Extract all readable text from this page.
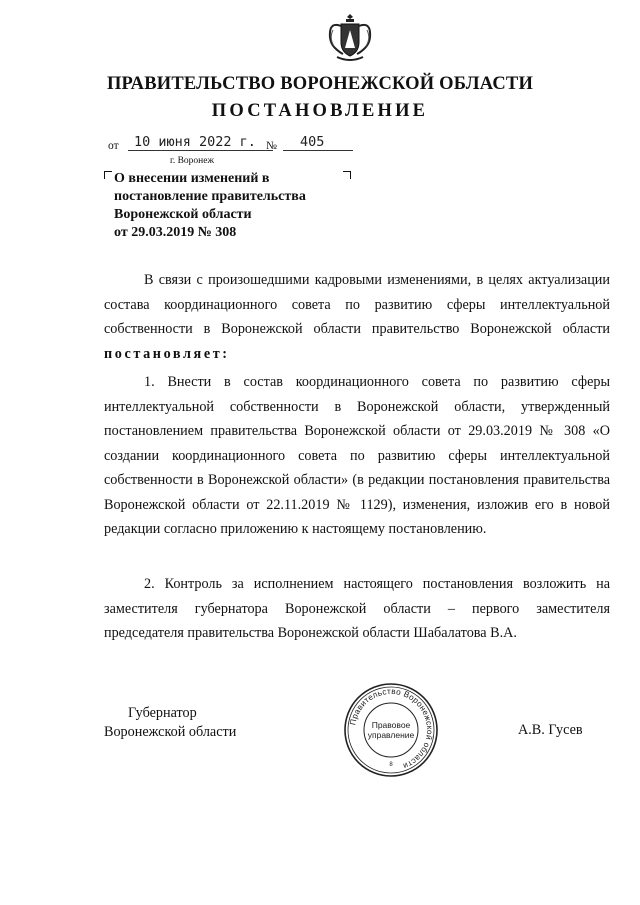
ПРАВИТЕЛЬСТВО ВОРОНЕЖСКОЙ ОБЛАСТИ
ПОСТАНОВЛЕНИЕ
от 10 июня 2022 г. № 405
г. Воронеж
О внесении изменений в
постановление правительства
Воронежской области
от 29.03.2019 № 308
В связи с произошедшими кадровыми изменениями, в целях актуализации состава координационного совета по развитию сферы интеллектуальной собственности в Воронежской области правительство Воронежской области постановляет:
1. Внести в состав координационного совета по развитию сферы интеллектуальной собственности в Воронежской области, утвержденный постановлением правительства Воронежской области от 29.03.2019 № 308 «О создании координационного совета по развитию сферы интеллектуальной собственности в Воронежской области» (в редакции постановления правительства Воронежской области от 22.11.2019 № 1129), изменения, изложив его в новой редакции согласно приложению к настоящему постановлению.
2. Контроль за исполнением настоящего постановления возложить на заместителя губернатора Воронежской области – первого заместителя председателя правительства Воронежской области Шабалатова В.А.
Губернатор
Воронежской области
Правительство Воронежской области
Правовое
управление
8
А.В. Гусев
